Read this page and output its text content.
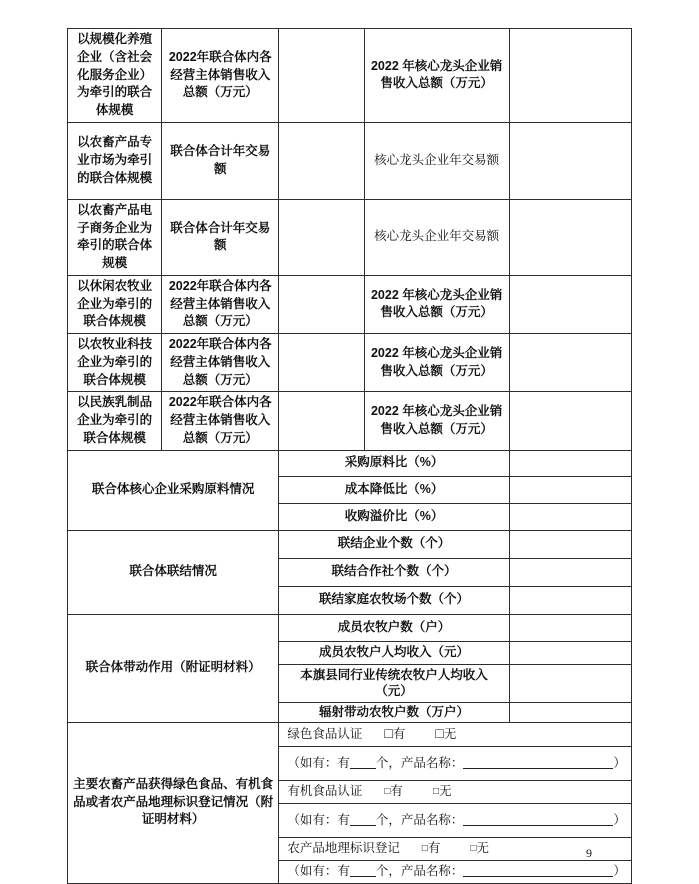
以规模化养殖企业（含社会化服务企业）为牵引的联合体规模	2022年联合体内各经营主体销售收入总额（万元）		2022 年核心龙头企业销售收入总额（万元）	
以农畜产品专业市场为牵引的联合体规模	联合体合计年交易额		核心龙头企业年交易额	
以农畜产品电子商务企业为牵引的联合体规模	联合体合计年交易额		核心龙头企业年交易额	
以休闲农牧业企业为牵引的联合体规模	2022年联合体内各经营主体销售收入总额（万元）		2022 年核心龙头企业销售收入总额（万元）	
以农牧业科技企业为牵引的联合体规模	2022年联合体内各经营主体销售收入总额（万元）		2022 年核心龙头企业销售收入总额（万元）	
以民族乳制品企业为牵引的联合体规模	2022年联合体内各经营主体销售收入总额（万元）		2022 年核心龙头企业销售收入总额（万元）	
联合体核心企业采购原料情况		采购原料比（%）		
		成本降低比（%）		
		收购溢价比（%）		
联合体联结情况		联结企业个数（个）		
		联结合作社个数（个）		
		联结家庭农牧场个数（个）		
联合体带动作用（附证明材料）		成员农牧户数（户）		
		成员农牧户人均收入（元）		

		本旗县同行业传统农牧户人均收入
（元）		

		辐射带动农牧户数（万户）		
主要农畜产品获得绿色食品、有机食品或者农产品地理标识登记情况（附证明材料）		绿色食品认证 □有 □无		
		（如有：有 个，产品名称： ）		
		有机食品认证 □有 □无		
		（如有：有 个，产品名称： ）		
		农产品地理标识登记 □有 □无		
		（如有：有 个，产品名称： ）		
9
